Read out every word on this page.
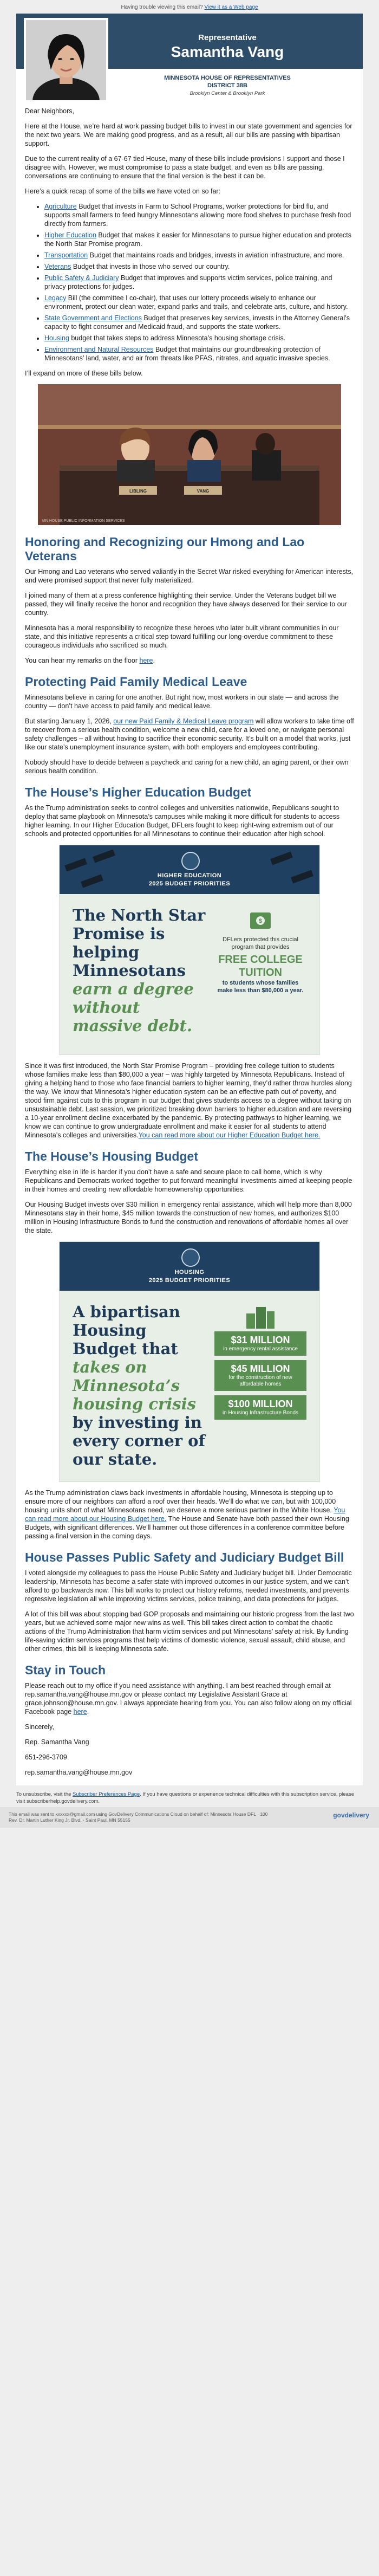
Having trouble viewing this email? View it as a Web page
Representative
Samantha Vang
MINNESOTA HOUSE OF REPRESENTATIVES
DISTRICT 38B
Brooklyn Center & Brooklyn Park

Dear Neighbors,

Here at the House, we’re hard at work passing budget bills to invest in our state government and agencies for the next two years. We are making good progress, and as a result, all our bills are passing with bipartisan support.

Due to the current reality of a 67-67 tied House, many of these bills include provisions I support and those I disagree with. However, we must compromise to pass a state budget, and even as bills are passing, conversations are continuing to ensure that the final version is the best it can be.

Here’s a quick recap of some of the bills we have voted on so far:

• Agriculture Budget that invests in Farm to School Programs, worker protections for bird flu, and supports small farmers to feed hungry Minnesotans allowing more food shelves to purchase fresh food directly from farmers.
• Higher Education Budget that makes it easier for Minnesotans to pursue higher education and protects the North Star Promise program.
• Transportation Budget that maintains roads and bridges, invests in aviation infrastructure, and more.
• Veterans Budget that invests in those who served our country.
• Public Safety & Judiciary Budget that improves and supports victim services, police training, and privacy protections for judges.
• Legacy Bill (the committee I co-chair), that uses our lottery proceeds wisely to enhance our environment, protect our clean water, expand parks and trails, and celebrate arts, culture, and history.
• State Government and Elections Budget that preserves key services, invests in the Attorney General’s capacity to fight consumer and Medicaid fraud, and supports the state workers.
• Housing budget that takes steps to address Minnesota’s housing shortage crisis.
• Environment and Natural Resources Budget that maintains our groundbreaking protection of Minnesotans’ land, water, and air from threats like PFAS, nitrates, and aquatic invasive species.

I’ll expand on more of these bills below.

LIBLING	VANG
MN HOUSE PUBLIC INFORMATION SERVICES
Honoring and Recognizing our Hmong and Lao Veterans

Our Hmong and Lao veterans who served valiantly in the Secret War risked everything for American interests, and were promised support that never fully materialized.

I joined many of them at a press conference highlighting their service. Under the Veterans budget bill we passed, they will finally receive the honor and recognition they have always deserved for their service to our country.

Minnesota has a moral responsibility to recognize these heroes who later built vibrant communities in our state, and this initiative represents a critical step toward fulfilling our long-overdue commitment to these courageous individuals who sacrificed so much.

You can hear my remarks on the floor here.

Protecting Paid Family Medical Leave

Minnesotans believe in caring for one another. But right now, most workers in our state — and across the country — don’t have access to paid family and medical leave.

But starting January 1, 2026, our new Paid Family & Medical Leave program will allow workers to take time off to recover from a serious health condition, welcome a new child, care for a loved one, or navigate personal safety challenges – all without having to sacrifice their economic security. It’s built on a model that works, just like our state’s unemployment insurance system, with both employers and employees contributing.

Nobody should have to decide between a paycheck and caring for a new child, an aging parent, or their own serious health condition.

The House’s Higher Education Budget

As the Trump administration seeks to control colleges and universities nationwide, Republicans sought to deploy that same playbook on Minnesota’s campuses while making it more difficult for students to access higher learning. In our Higher Education Budget, DFLers fought to keep right-wing extremism out of our schools and protected opportunities for all Minnesotans to continue their education after high school.

HIGHER EDUCATION
2025 BUDGET PRIORITIES
The North Star Promise is helping Minnesotans earn a degree without massive debt.
$
DFLers protected this crucial program that provides
FREE COLLEGE TUITION
to students whose families make less than $80,000 a year.

Since it was first introduced, the North Star Promise Program – providing free college tuition to students whose families make less than $80,000 a year – was highly targeted by Minnesota Republicans. Instead of giving a helping hand to those who face financial barriers to higher learning, they’d rather throw hurdles along the way. We know that Minnesota’s higher education system can be an effective path out of poverty, and stood firm against cuts to this program in our budget that gives students access to a degree without taking on unsustainable debt. Last session, we prioritized breaking down barriers to higher education and are reversing a 10-year enrollment decline exacerbated by the pandemic. By protecting pathways to higher learning, we know we can continue to grow undergraduate enrollment and make it easier for all students to attend Minnesota’s colleges and universities.You can read more about our Higher Education Budget here.

The House’s Housing Budget

Everything else in life is harder if you don’t have a safe and secure place to call home, which is why Republicans and Democrats worked together to put forward meaningful investments aimed at keeping people in their homes and creating new affordable homeownership opportunities.

Our Housing Budget invests over $30 million in emergency rental assistance, which will help more than 8,000 Minnesotans stay in their home, $45 million towards the construction of new homes, and authorizes $100 million in Housing Infrastructure Bonds to fund the construction and renovations of affordable homes all over the state.

HOUSING
2025 BUDGET PRIORITIES
A bipartisan Housing Budget that takes on Minnesota’s housing crisis by investing in every corner of our state.
$31 MILLION
in emergency rental assistance
$45 MILLION
for the construction of new affordable homes
$100 MILLION
in Housing Infrastructure Bonds

As the Trump administration claws back investments in affordable housing, Minnesota is stepping up to ensure more of our neighbors can afford a roof over their heads. We’ll do what we can, but with 100,000 housing units short of what Minnesotans need, we deserve a more serious partner in the White House. You can read more about our Housing Budget here. The House and Senate have both passed their own Housing Budgets, with significant differences. We’ll hammer out those differences in a conference committee before passing a final version in the coming days.

House Passes Public Safety and Judiciary Budget Bill

I voted alongside my colleagues to pass the House Public Safety and Judiciary budget bill. Under Democratic leadership, Minnesota has become a safer state with improved outcomes in our justice system, and we can’t afford to go backwards now. This bill works to protect our history reforms, needed investments, and prevents regressive legislation all while improving victims services, police training, and data protections for judges.

A lot of this bill was about stopping bad GOP proposals and maintaining our historic progress from the last two years, but we achieved some major new wins as well. This bill takes direct action to combat the chaotic actions of the Trump Administration that harm victim services and put Minnesotans’ safety at risk. By funding life-saving victim services programs that help victims of domestic violence, sexual assault, child abuse, and other crimes, this bill is keeping Minnesota safe.

Stay in Touch

Please reach out to my office if you need assistance with anything. I am best reached through email at rep.samantha.vang@house.mn.gov or please contact my Legislative Assistant Grace at grace.johnson@house.mn.gov. I always appreciate hearing from you. You can also follow along on my official Facebook page here.

Sincerely,

Rep. Samantha Vang

651-296-3709

rep.samantha.vang@house.mn.gov

To unsubscribe, visit the Subscriber Preferences Page. If you have questions or experience technical difficulties with this subscription service, please visit subscriberhelp.govdelivery.com.
This email was sent to xxxxxx@gmail.com using GovDelivery Communications Cloud on behalf of: Minnesota House DFL · 100
Rev. Dr. Martin Luther King Jr. Blvd. · Saint Paul, MN 55155
govdelivery
